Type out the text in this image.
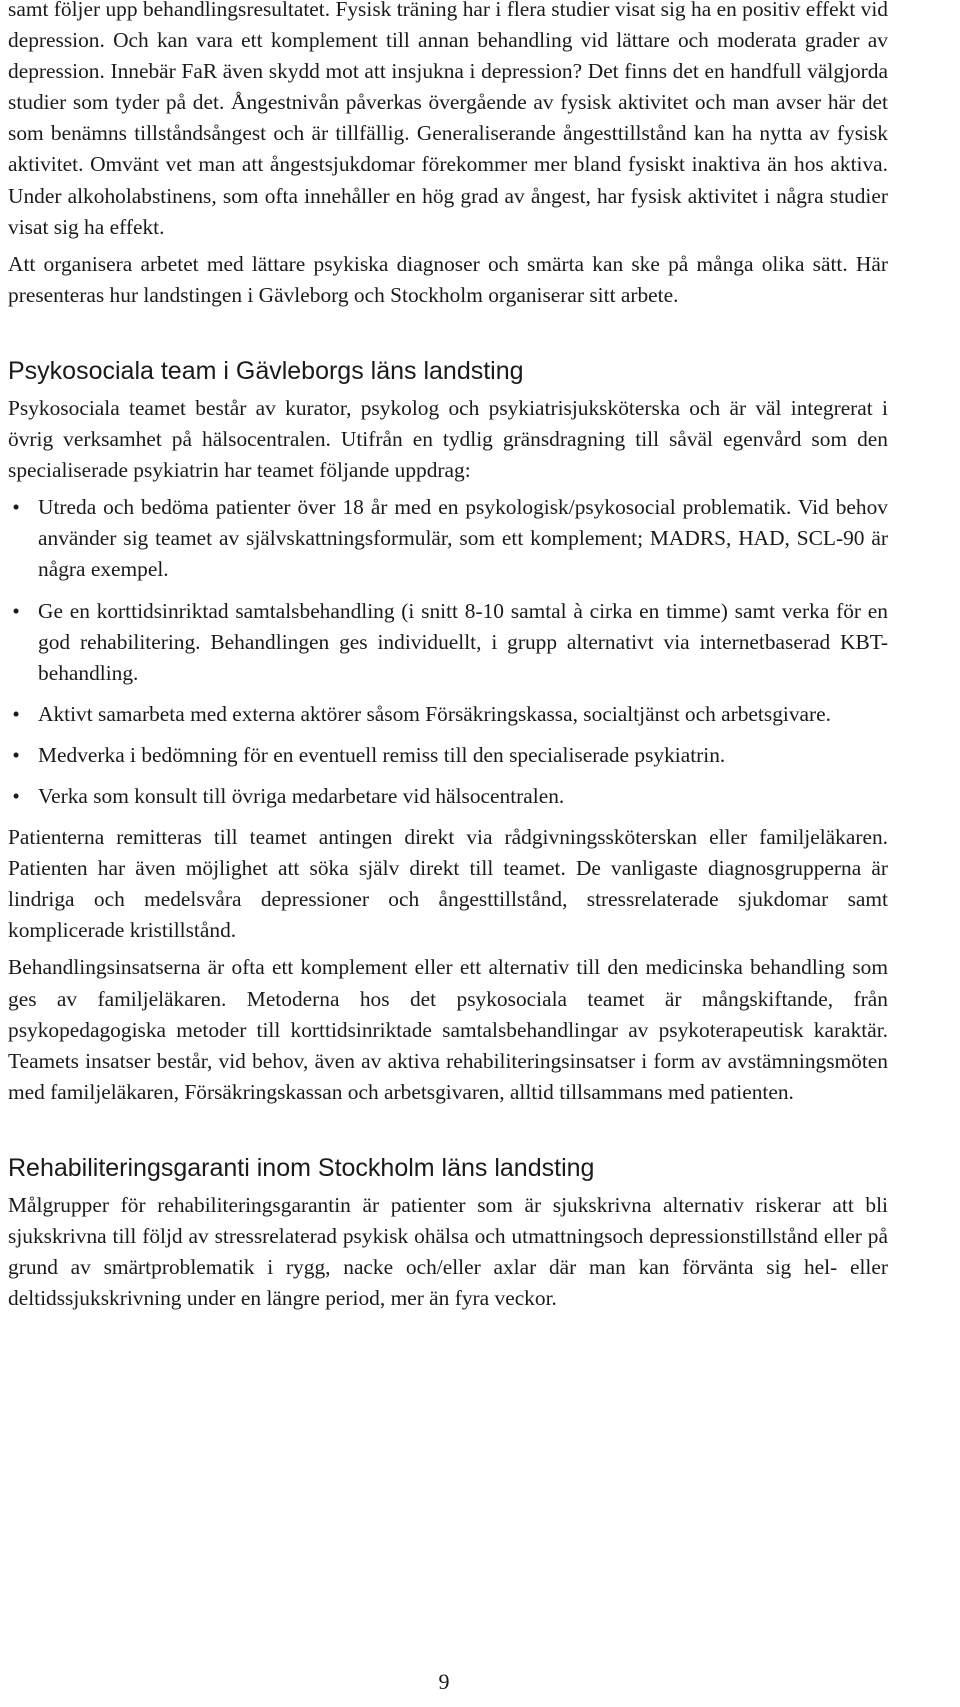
samt följer upp behandlingsresultatet. Fysisk träning har i flera studier visat sig ha en positiv effekt vid depression. Och kan vara ett komplement till annan behandling vid lättare och moderata grader av depression. Innebär FaR även skydd mot att insjukna i depression? Det finns det en handfull välgjorda studier som tyder på det. Ångestnivån påverkas övergående av fysisk aktivitet och man avser här det som benämns tillståndsångest och är tillfällig. Generaliserande ångesttillstånd kan ha nytta av fysisk aktivitet. Omvänt vet man att ångestsjukdomar förekommer mer bland fysiskt inaktiva än hos aktiva. Under alkoholabstinens, som ofta innehåller en hög grad av ångest, har fysisk aktivitet i några studier visat sig ha effekt.

Att organisera arbetet med lättare psykiska diagnoser och smärta kan ske på många olika sätt. Här presenteras hur landstingen i Gävleborg och Stockholm organiserar sitt arbete.

Psykosociala team i Gävleborgs läns landsting

Psykosociala teamet består av kurator, psykolog och psykiatrisjuksköterska och är väl integrerat i övrig verksamhet på hälsocentralen. Utifrån en tydlig gränsdragning till såväl egenvård som den specialiserade psykiatrin har teamet följande uppdrag:

• Utreda och bedöma patienter över 18 år med en psykologisk/psykosocial problematik. Vid behov använder sig teamet av självskattningsformulär, som ett komplement; MADRS, HAD, SCL-90 är några exempel.
• Ge en korttidsinriktad samtalsbehandling (i snitt 8-10 samtal à cirka en timme) samt verka för en god rehabilitering. Behandlingen ges individuellt, i grupp alternativt via internetbaserad KBT-behandling.
• Aktivt samarbeta med externa aktörer såsom Försäkringskassa, socialtjänst och arbetsgivare.
• Medverka i bedömning för en eventuell remiss till den specialiserade psykiatrin.
• Verka som konsult till övriga medarbetare vid hälsocentralen.

Patienterna remitteras till teamet antingen direkt via rådgivningssköterskan eller familjeläkaren. Patienten har även möjlighet att söka själv direkt till teamet. De vanligaste diagnosgrupperna är lindriga och medelsvåra depressioner och ångesttillstånd, stressrelaterade sjukdomar samt komplicerade kristillstånd.

Behandlingsinsatserna är ofta ett komplement eller ett alternativ till den medicinska behandling som ges av familjeläkaren. Metoderna hos det psykosociala teamet är mångskiftande, från psykopedagogiska metoder till korttidsinriktade samtalsbehandlingar av psykoterapeutisk karaktär. Teamets insatser består, vid behov, även av aktiva rehabiliteringsinsatser i form av avstämningsmöten med familjeläkaren, Försäkringskassan och arbetsgivaren, alltid tillsammans med patienten.

Rehabiliteringsgaranti inom Stockholm läns landsting

Målgrupper för rehabiliteringsgarantin är patienter som är sjukskrivna alternativ riskerar att bli sjukskrivna till följd av stressrelaterad psykisk ohälsa och utmattningsoch depressionstillstånd eller på grund av smärtproblematik i rygg, nacke och/eller axlar där man kan förvänta sig hel- eller deltidssjukskrivning under en längre period, mer än fyra veckor.

9
